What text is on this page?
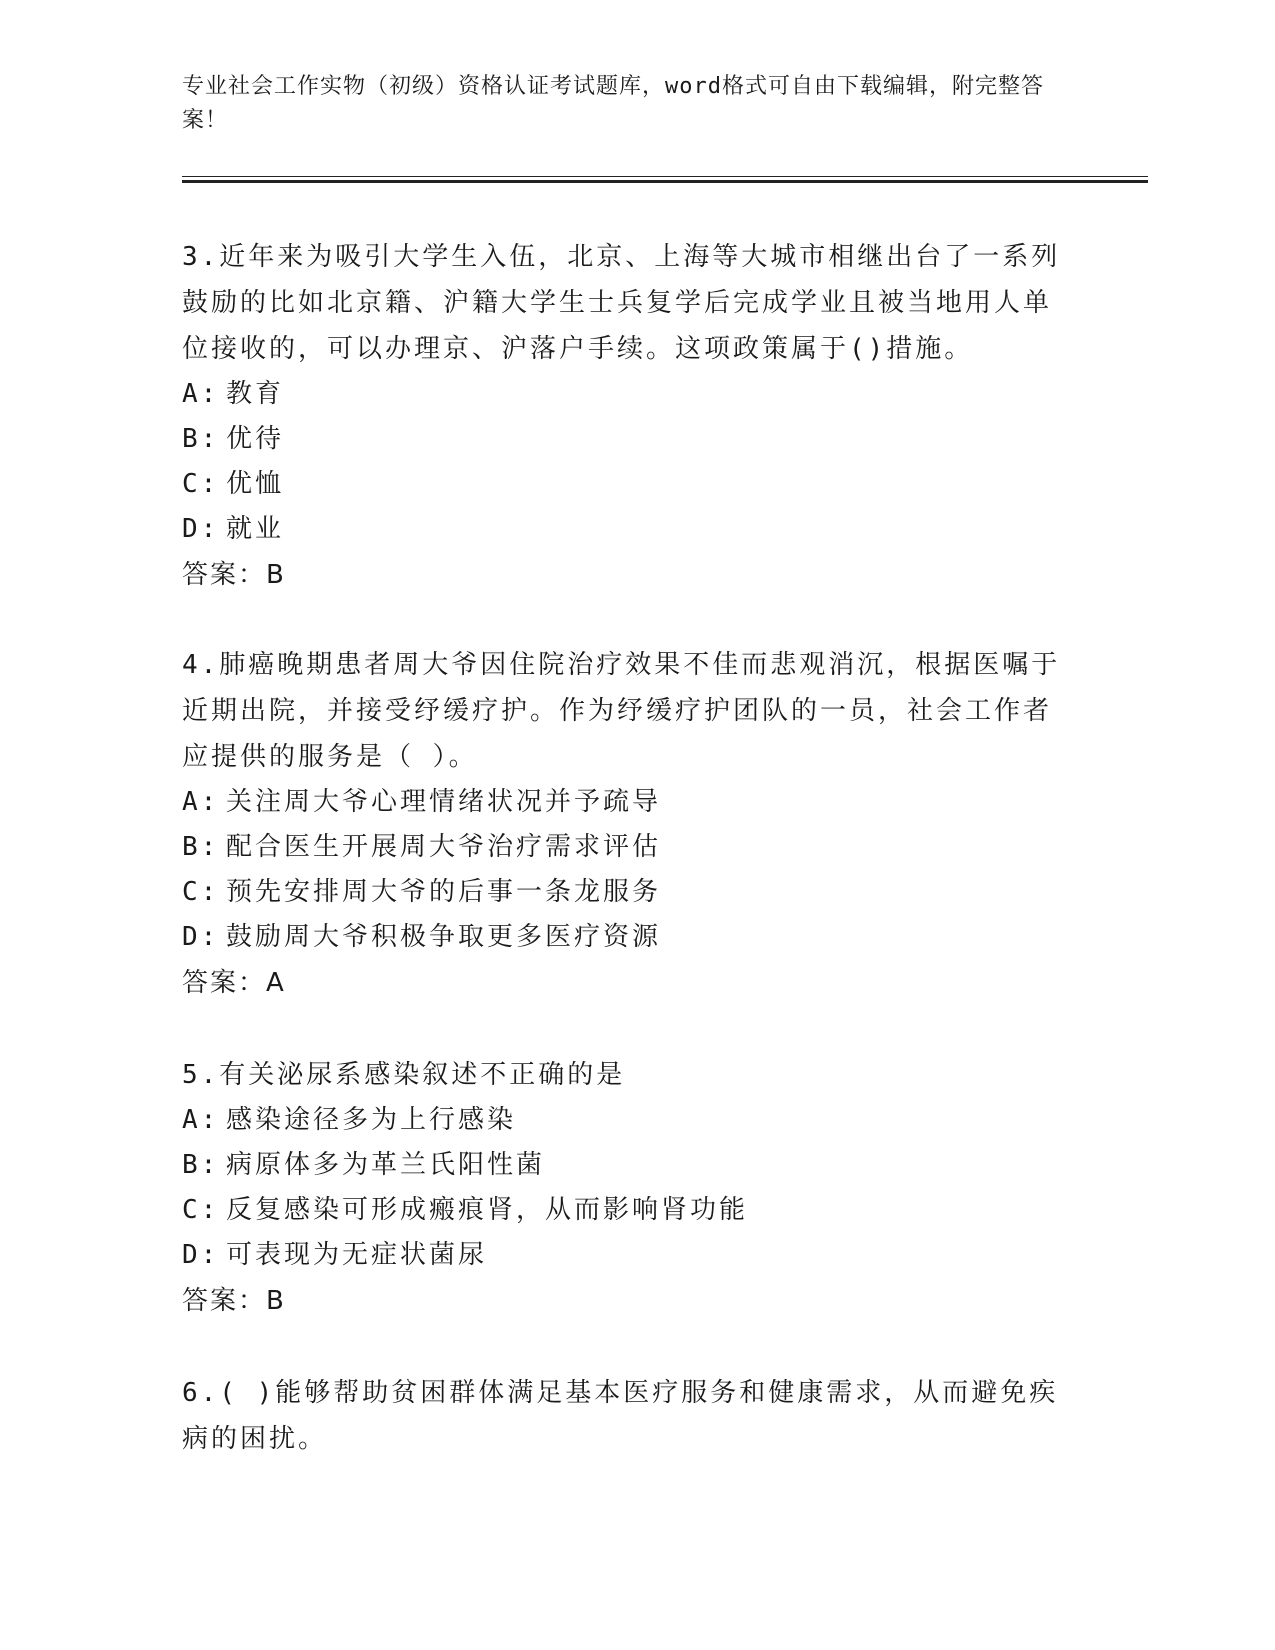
专业社会工作实物（初级）资格认证考试题库，word格式可自由下载编辑，附完整答案！
3.近年来为吸引大学生入伍，北京、上海等大城市相继出台了一系列鼓励的比如北京籍、沪籍大学生士兵复学后完成学业且被当地用人单位接收的，可以办理京、沪落户手续。这项政策属于()措施。
A: 教育
B: 优待
C: 优恤
D: 就业
答案：B
4.肺癌晚期患者周大爷因住院治疗效果不佳而悲观消沉，根据医嘱于近期出院，并接受纾缓疗护。作为纾缓疗护团队的一员，社会工作者应提供的服务是（ ）。
A: 关注周大爷心理情绪状况并予疏导
B: 配合医生开展周大爷治疗需求评估
C: 预先安排周大爷的后事一条龙服务
D: 鼓励周大爷积极争取更多医疗资源
答案：A
5.有关泌尿系感染叙述不正确的是
A: 感染途径多为上行感染
B: 病原体多为革兰氏阳性菌
C: 反复感染可形成瘢痕肾，从而影响肾功能
D: 可表现为无症状菌尿
答案：B
6.( )能够帮助贫困群体满足基本医疗服务和健康需求，从而避免疾病的困扰。
